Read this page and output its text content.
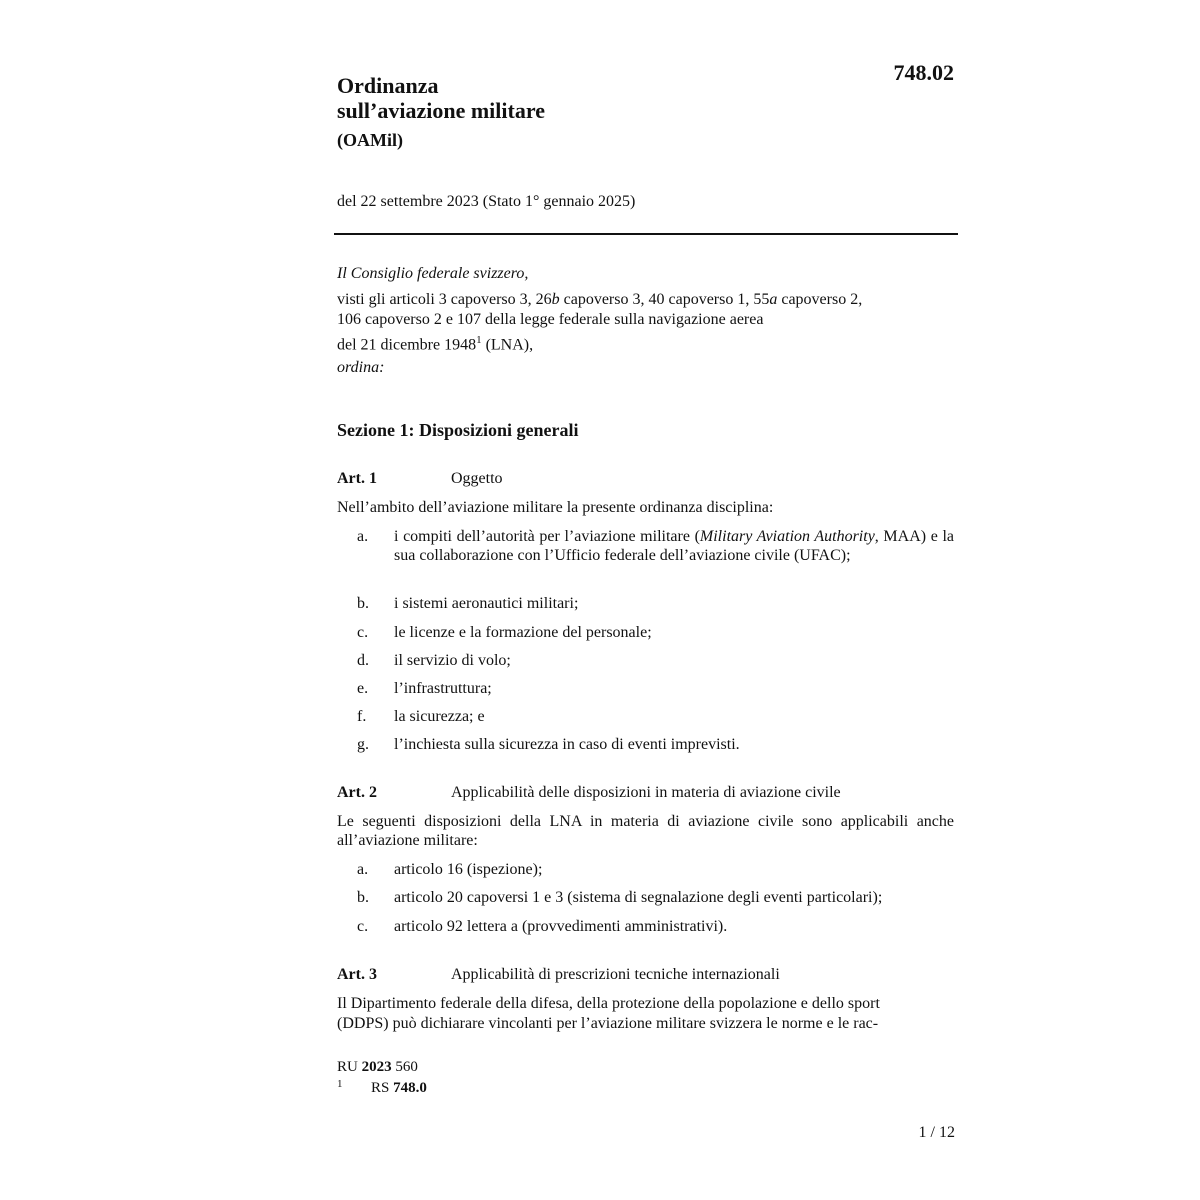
748.02
Ordinanza
sull’aviazione militare
(OAMil)
del 22 settembre 2023 (Stato 1° gennaio 2025)
Il Consiglio federale svizzero,
visti gli articoli 3 capoverso 3, 26b capoverso 3, 40 capoverso 1, 55a capoverso 2,
106 capoverso 2 e 107 della legge federale sulla navigazione aerea
del 21 dicembre 1948$^1$ (LNA),
ordina:
Sezione 1: Disposizioni generali
Art. 1	Oggetto
Nell’ambito dell’aviazione militare la presente ordinanza disciplina:
a. i compiti dell’autorità per l’aviazione militare (Military Aviation Authority, MAA) e la sua collaborazione con l’Ufficio federale dell’aviazione civile (UFAC);
b. i sistemi aeronautici militari;
c. le licenze e la formazione del personale;
d. il servizio di volo;
e. l’infrastruttura;
f. la sicurezza; e
g. l’inchiesta sulla sicurezza in caso di eventi imprevisti.
Art. 2	Applicabilità delle disposizioni in materia di aviazione civile
Le seguenti disposizioni della LNA in materia di aviazione civile sono applicabili anche all’aviazione militare:
a. articolo 16 (ispezione);
b. articolo 20 capoversi 1 e 3 (sistema di segnalazione degli eventi particolari);
c. articolo 92 lettera a (provvedimenti amministrativi).
Art. 3	Applicabilità di prescrizioni tecniche internazionali
Il Dipartimento federale della difesa, della protezione della popolazione e dello sport
(DDPS) può dichiarare vincolanti per l’aviazione militare svizzera le norme e le rac-
RU 2023 560
1 RS 748.0
1 / 12
